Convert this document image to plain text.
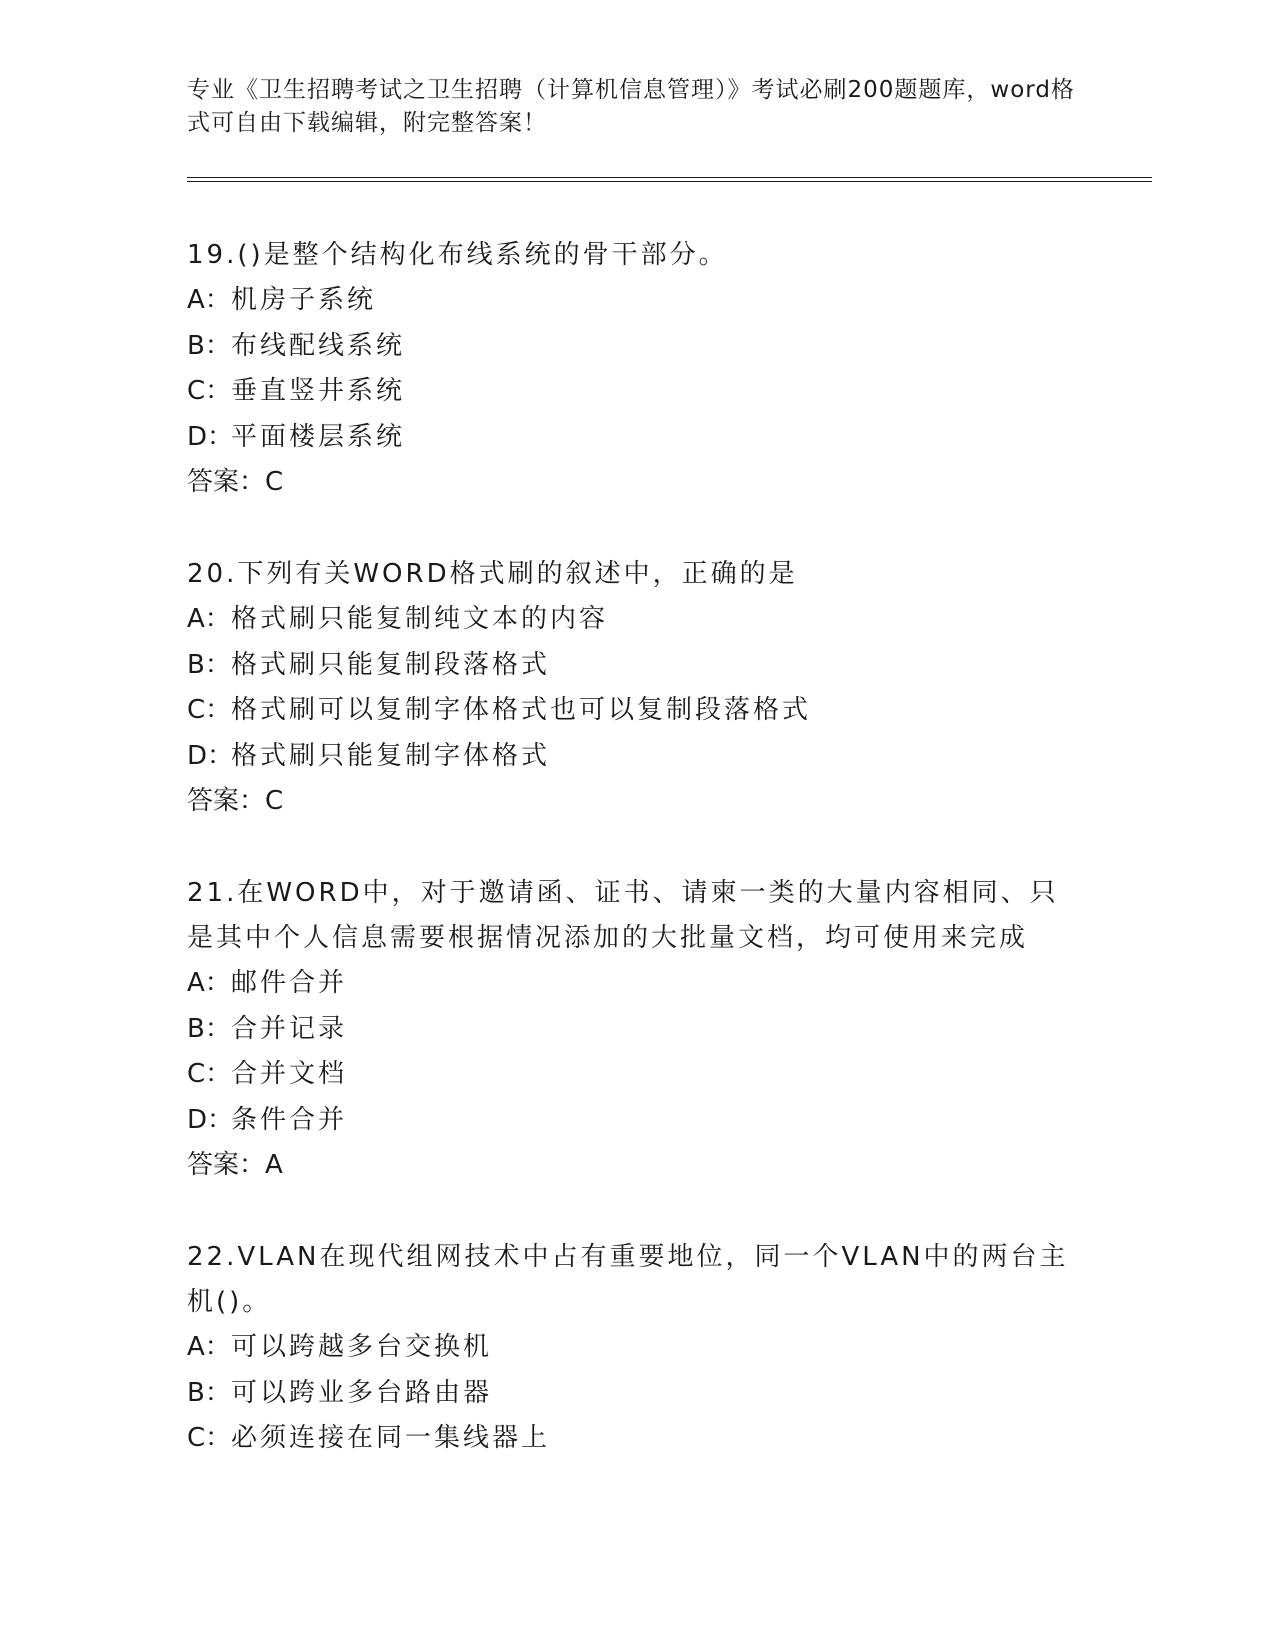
专业《卫生招聘考试之卫生招聘（计算机信息管理）》考试必刷200题题库，word格式可自由下载编辑，附完整答案！
19.()是整个结构化布线系统的骨干部分。
A：机房子系统
B：布线配线系统
C：垂直竖井系统
D：平面楼层系统
答案：C
20.下列有关WORD格式刷的叙述中，正确的是
A：格式刷只能复制纯文本的内容
B：格式刷只能复制段落格式
C：格式刷可以复制字体格式也可以复制段落格式
D：格式刷只能复制字体格式
答案：C
21.在WORD中，对于邀请函、证书、请柬一类的大量内容相同、只是其中个人信息需要根据情况添加的大批量文档，均可使用来完成
A：邮件合并
B：合并记录
C：合并文档
D：条件合并
答案：A
22.VLAN在现代组网技术中占有重要地位，同一个VLAN中的两台主机()。
A：可以跨越多台交换机
B：可以跨业多台路由器
C：必须连接在同一集线器上
